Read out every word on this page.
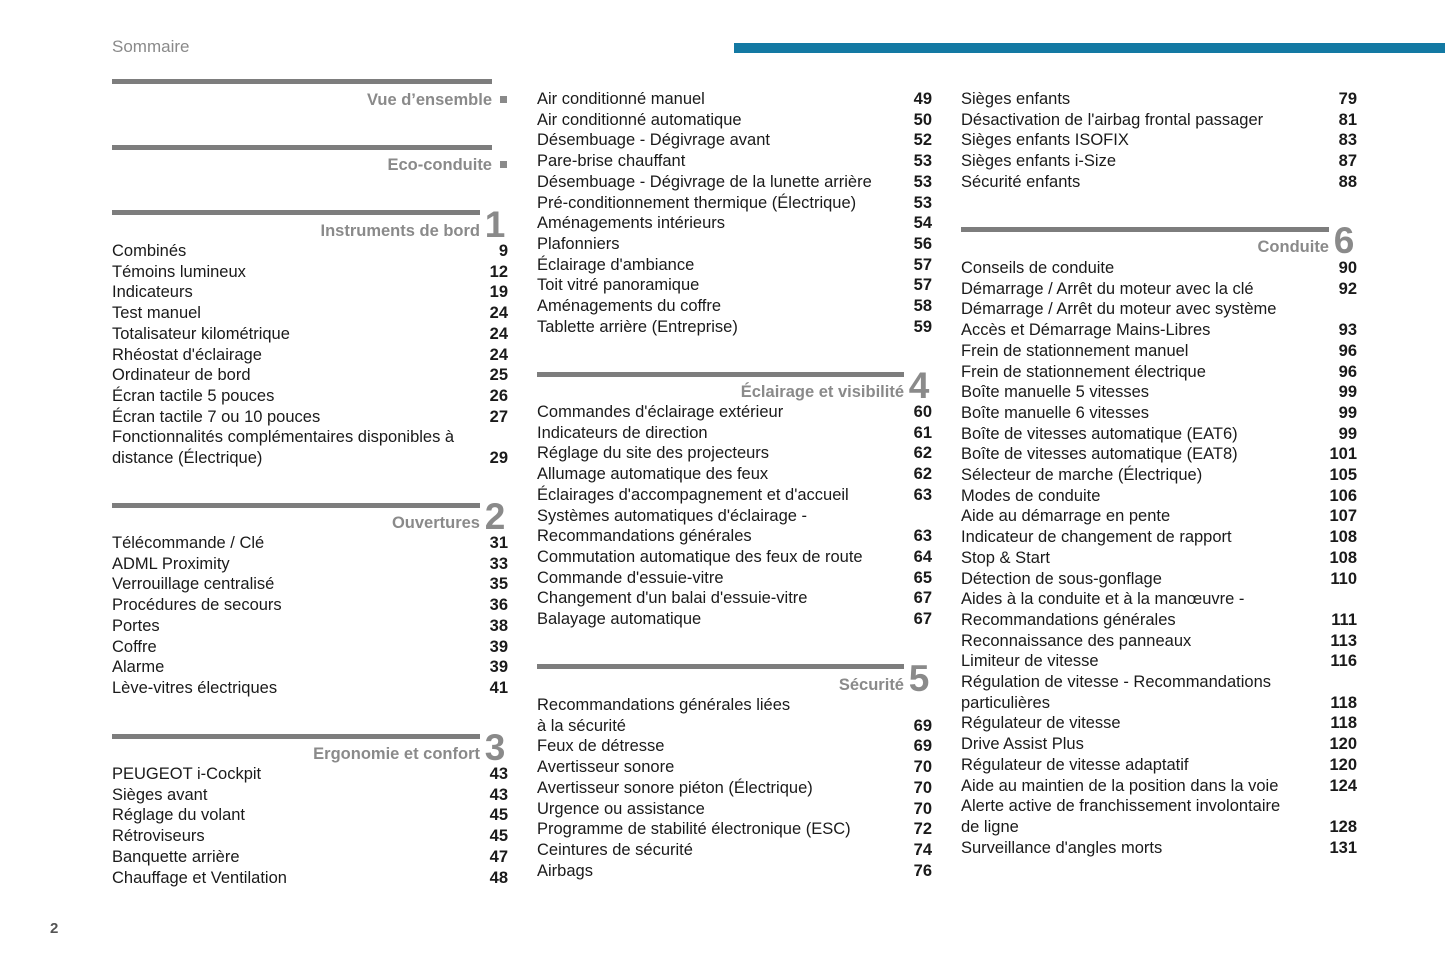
Sommaire
Vue d’ensemble
Eco-conduite
Instruments de bord 1
Combinés	9
Témoins lumineux	12
Indicateurs	19
Test manuel	24
Totalisateur kilométrique	24
Rhéostat d'éclairage	24
Ordinateur de bord	25
Écran tactile 5 pouces	26
Écran tactile 7 ou 10 pouces	27
Fonctionnalités complémentaires disponibles à
distance (Électrique)	29
Ouvertures 2
Télécommande / Clé	31
ADML Proximity	33
Verrouillage centralisé	35
Procédures de secours	36
Portes	38
Coffre	39
Alarme	39
Lève-vitres électriques	41
Ergonomie et confort 3
PEUGEOT i-Cockpit	43
Sièges avant	43
Réglage du volant	45
Rétroviseurs	45
Banquette arrière	47
Chauffage et Ventilation	48
Air conditionné manuel	49
Air conditionné automatique	50
Désembuage - Dégivrage avant	52
Pare-brise chauffant	53
Désembuage - Dégivrage de la lunette arrière	53
Pré-conditionnement thermique (Électrique)	53
Aménagements intérieurs	54
Plafonniers	56
Éclairage d'ambiance	57
Toit vitré panoramique	57
Aménagements du coffre	58
Tablette arrière (Entreprise)	59
Éclairage et visibilité 4
Commandes d'éclairage extérieur	60
Indicateurs de direction	61
Réglage du site des projecteurs	62
Allumage automatique des feux	62
Éclairages d'accompagnement et d'accueil	63
Systèmes automatiques d'éclairage -
Recommandations générales	63
Commutation automatique des feux de route	64
Commande d'essuie-vitre	65
Changement d'un balai d'essuie-vitre	67
Balayage automatique	67
Sécurité 5
Recommandations générales liées
à la sécurité	69
Feux de détresse	69
Avertisseur sonore	70
Avertisseur sonore piéton (Électrique)	70
Urgence ou assistance	70
Programme de stabilité électronique (ESC)	72
Ceintures de sécurité	74
Airbags	76
Sièges enfants	79
Désactivation de l'airbag frontal passager	81
Sièges enfants ISOFIX	83
Sièges enfants i-Size	87
Sécurité enfants	88
Conduite 6
Conseils de conduite	90
Démarrage / Arrêt du moteur avec la clé	92
Démarrage / Arrêt du moteur avec système
Accès et Démarrage Mains-Libres	93
Frein de stationnement manuel	96
Frein de stationnement électrique	96
Boîte manuelle 5 vitesses	99
Boîte manuelle 6 vitesses	99
Boîte de vitesses automatique (EAT6)	99
Boîte de vitesses automatique (EAT8)	101
Sélecteur de marche (Électrique)	105
Modes de conduite	106
Aide au démarrage en pente	107
Indicateur de changement de rapport	108
Stop & Start	108
Détection de sous-gonflage	110
Aides à la conduite et à la manœuvre -
Recommandations générales	111
Reconnaissance des panneaux	113
Limiteur de vitesse	116
Régulation de vitesse - Recommandations
particulières	118
Régulateur de vitesse	118
Drive Assist Plus	120
Régulateur de vitesse adaptatif	120
Aide au maintien de la position dans la voie	124
Alerte active de franchissement involontaire
de ligne	128
Surveillance d'angles morts	131
2
